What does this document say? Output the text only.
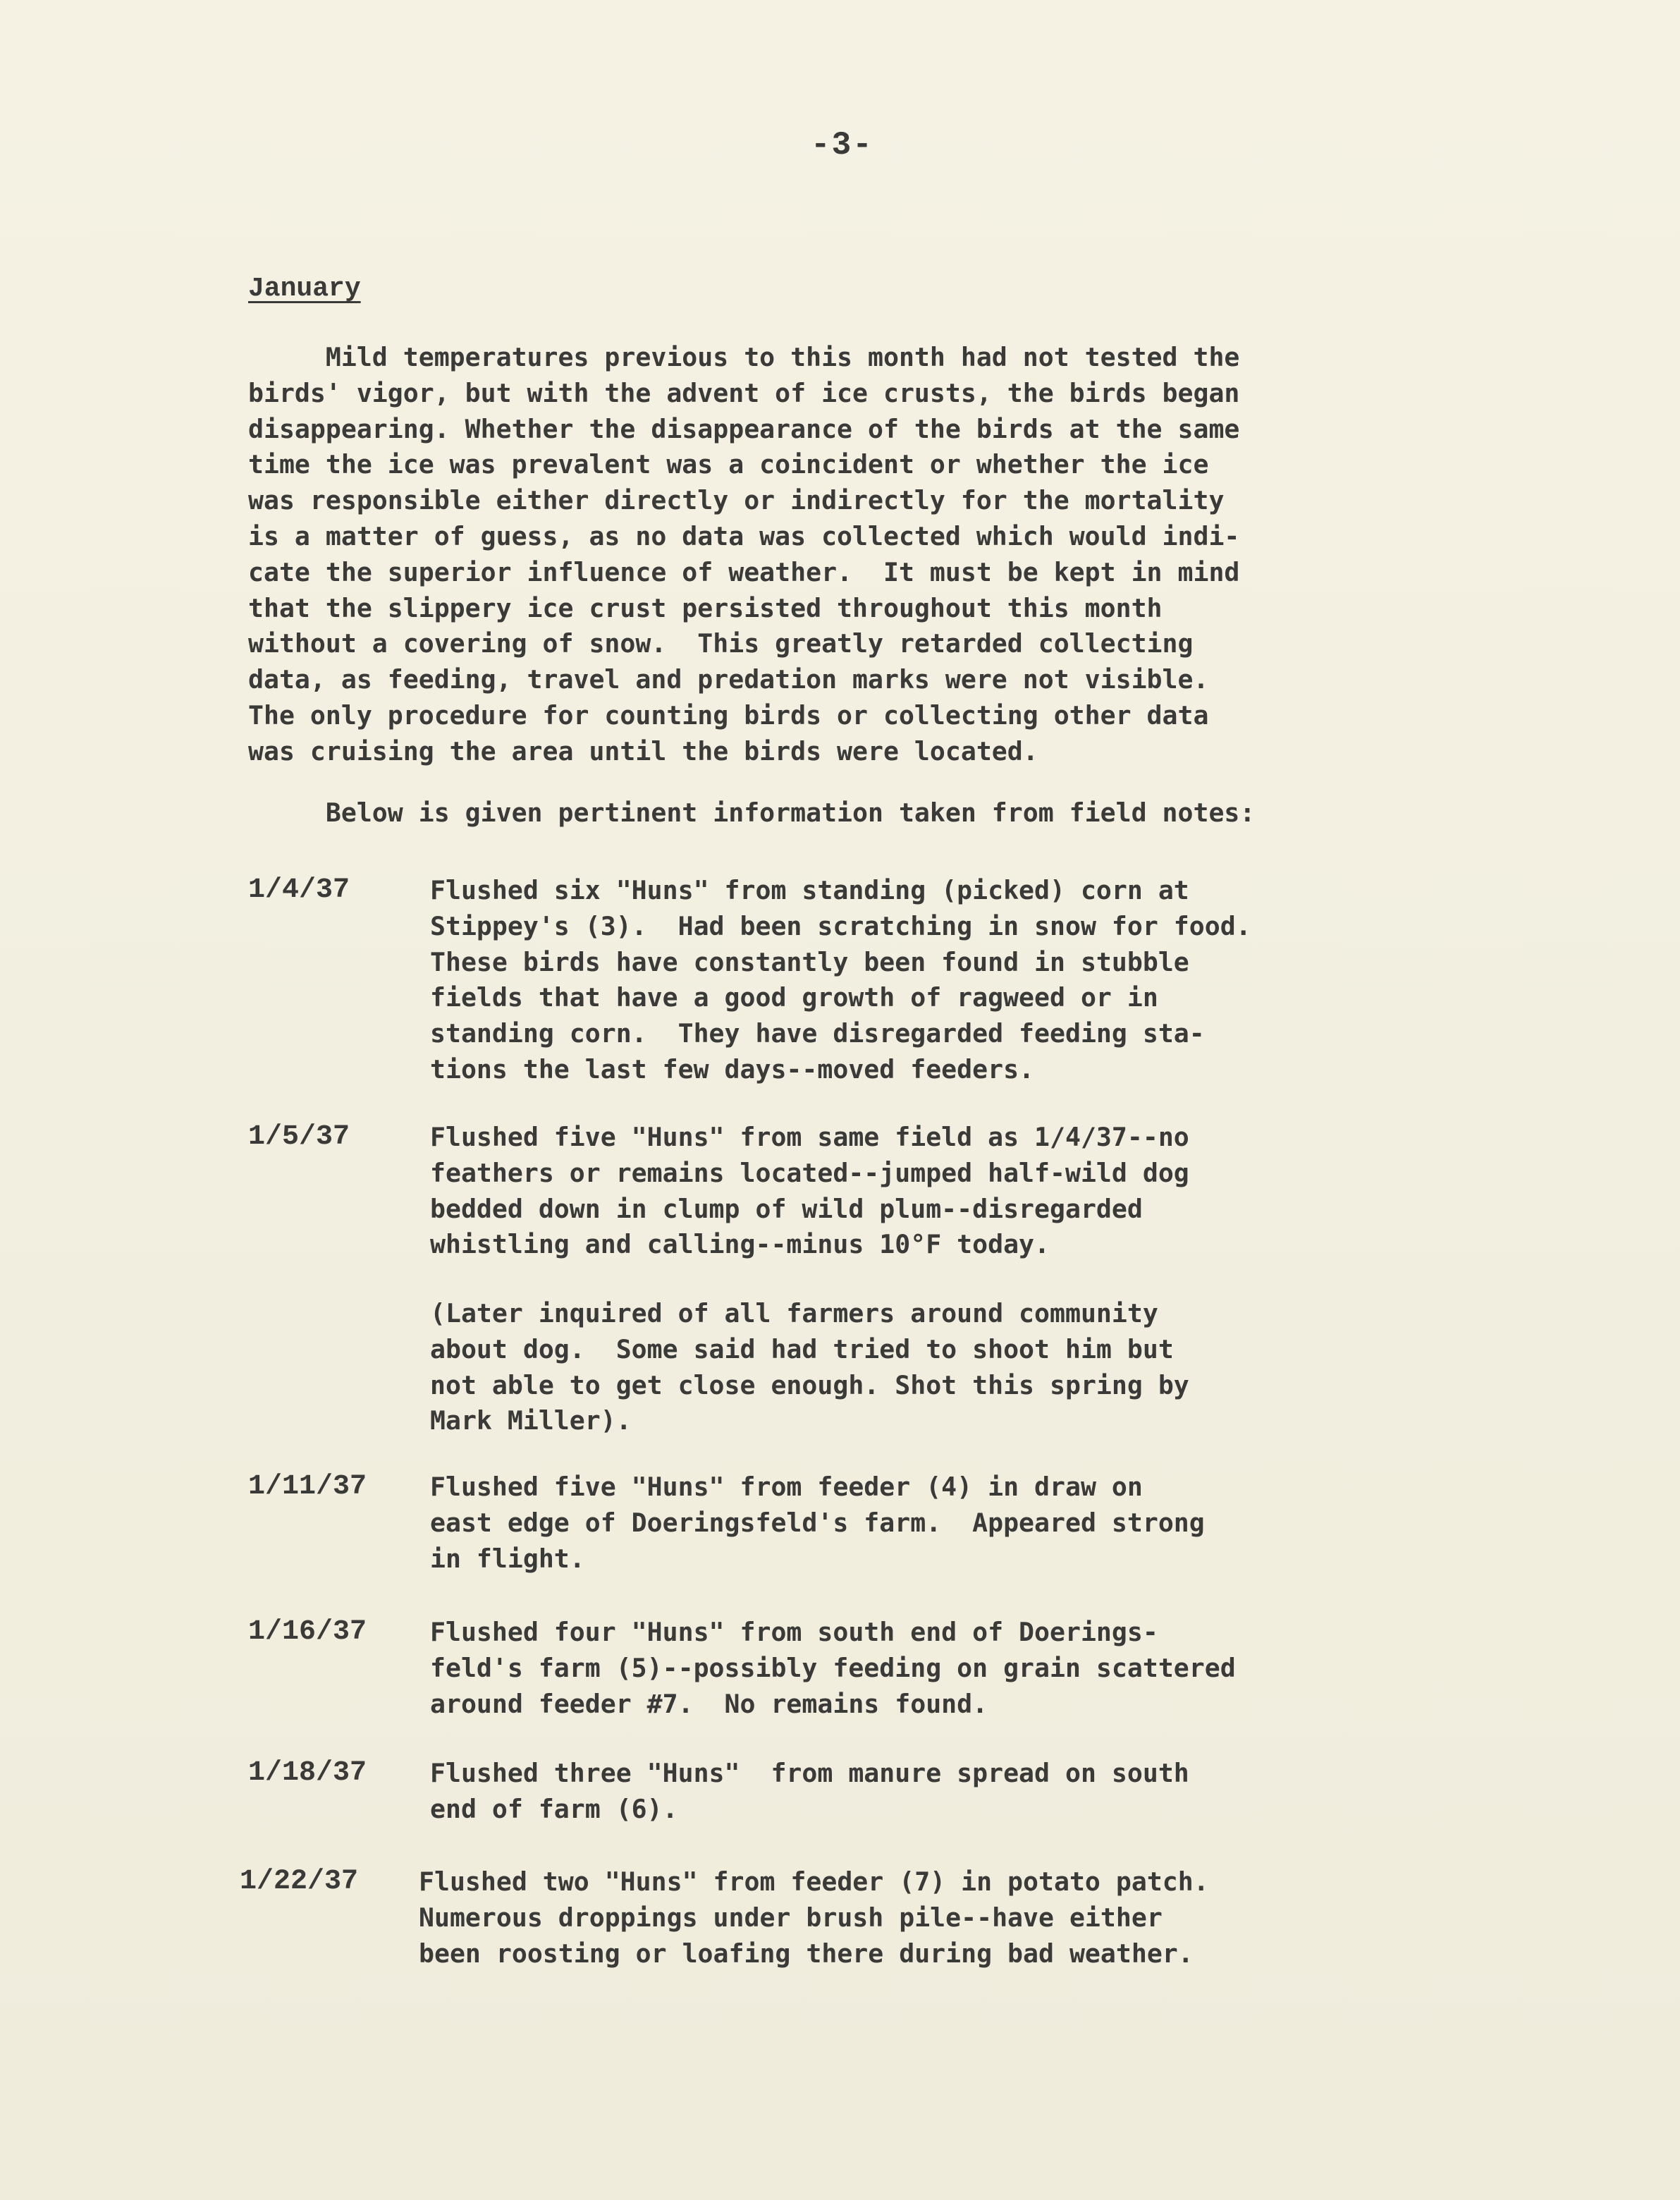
-3-
January
Mild temperatures previous to this month had not tested the
birds' vigor, but with the advent of ice crusts, the birds began
disappearing. Whether the disappearance of the birds at the same
time the ice was prevalent was a coincident or whether the ice
was responsible either directly or indirectly for the mortality
is a matter of guess, as no data was collected which would indi-
cate the superior influence of weather.  It must be kept in mind
that the slippery ice crust persisted throughout this month
without a covering of snow.  This greatly retarded collecting
data, as feeding, travel and predation marks were not visible.
The only procedure for counting birds or collecting other data
was cruising the area until the birds were located.
Below is given pertinent information taken from field notes:
1/4/37	Flushed six "Huns" from standing (picked) corn at
Stippey's (3).  Had been scratching in snow for food.
These birds have constantly been found in stubble
fields that have a good growth of ragweed or in
standing corn.  They have disregarded feeding sta-
tions the last few days--moved feeders.
1/5/37	Flushed five "Huns" from same field as 1/4/37--no
feathers or remains located--jumped half-wild dog
bedded down in clump of wild plum--disregarded
whistling and calling--minus 10°F today.
(Later inquired of all farmers around community
about dog.  Some said had tried to shoot him but
not able to get close enough. Shot this spring by
Mark Miller).
1/11/37 Flushed five "Huns" from feeder (4) in draw on
east edge of Doeringsfeld's farm.  Appeared strong
in flight.
1/16/37 Flushed four "Huns" from south end of Doerings-
feld's farm (5)--possibly feeding on grain scattered
around feeder #7.  No remains found.
1/18/37 Flushed three "Huns"  from manure spread on south
end of farm (6).
1/22/37 Flushed two "Huns" from feeder (7) in potato patch.
Numerous droppings under brush pile--have either
been roosting or loafing there during bad weather.
